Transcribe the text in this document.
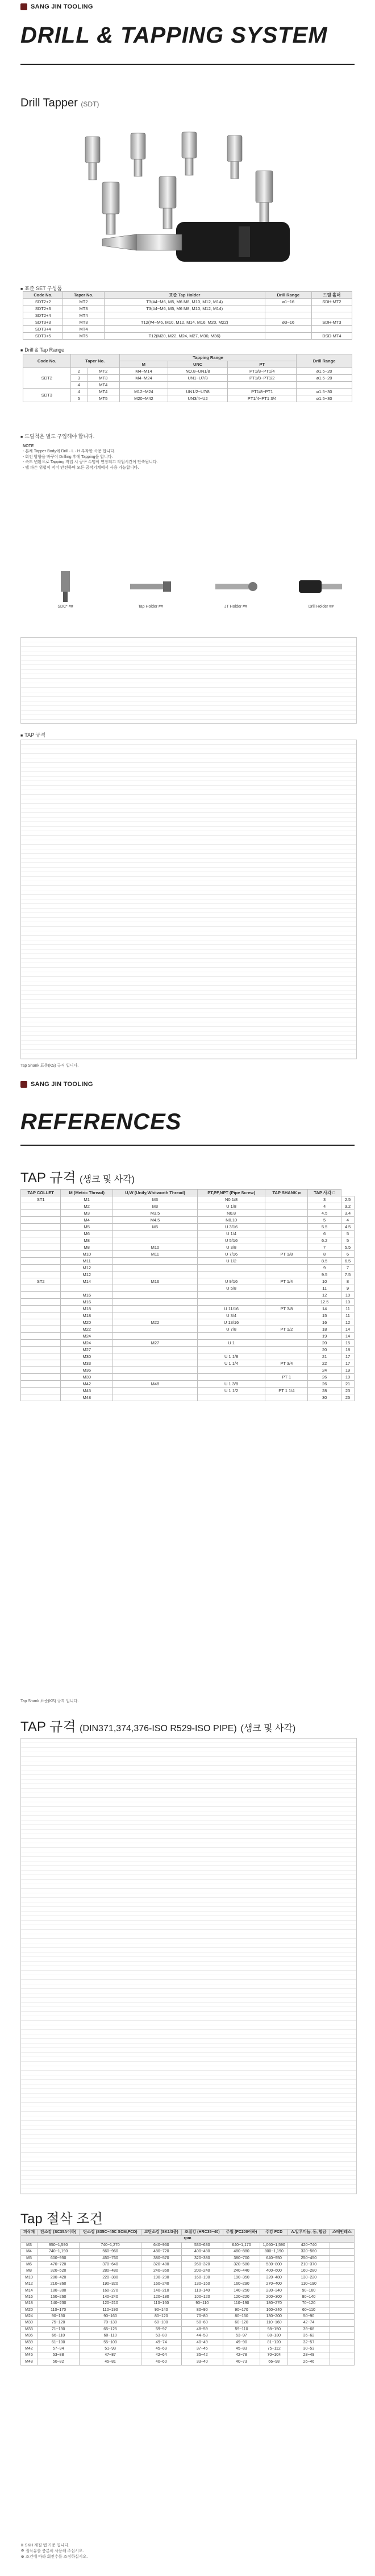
SANG JIN TOOLING
DRILL & TAPPING SYSTEM
Drill Tapper (SDT)
■ 표준 SET 구성품
Code No.	Taper No.	표준 Tap Holder	Drill Range	드릴 홀더
SDT2+2	MT2	T3(#4~M6, M5, M6 M8, M10, M12, M14)	ø1~16	SDH-MT2
SDT2+3	MT3	T3(#4~M6, M5, M6 M8, M10, M12, M14)		
SDT2+4	MT4			
SDT3+3	MT3	T12(#4~M6, M10, M12, M14, M16, M20, M22)	ø3~16	SDH-MT3
SDT3+4	MT4			
SDT3+5	MT5	T12(M20, M22, M24, M27, M30, M36)		DSD-MT4
■ Drill & Tap Range
Code No.	Taper No.		Tapping Range			Drill Range
			M	UNC	PT	
SDT2	2	MT2	M4~M14	NO.8~UN1/8	PT1/8~PT1/4	ø1.5~20
	3	MT3	M4~M24	UN1~U7/8	PT1/8~PT1/2	ø1.5~20
	4	MT4				
SDT3	4	MT4	M12~M24	UN1/2~U7/8	PT1/8~PT1	ø1.5~30
	5	MT5	M20~M42	UN3/4~U2	PT1/4~PT1 3/4	ø1.5~30
■ 드릴척은 별도 구입해야 합니다.
NOTE
- 본체 Tapper Body에 Drill · L · H 부착한 사용 합니다.
- 회전 방향을 바꾸어 Drilling 후에 Tapping을 합니다.
- 속도 변환으로 Tapping 작업 시 공구 수명이 연장되고 작업시간이 단축됩니다.
- 탭 파손 위험이 적어 안전하며 모든 공작기계에서 사용 가능합니다.
SDC* ##	Tap Holder ##	JT Holder ##	Drill Holder ##
■ TAP 규격
Tap Shank 표준(KS) 규격 입니다.
SANG JIN TOOLING
REFERENCES
TAP 규격 (생크 및 사각)
TAP COLLET	M (Metric Thread)	U,W (Unify,Whitworth Thread)	PT,PF,NPT (Pipe Screw)	TAP SHANK ø	TAP 사각 □	
ST1	M1	M3	N0.1/8		3	2.5
	M2	M3	U 1/8		4	3.2
	M3	M3.5	N0.8		4.5	3.4
	M4	M4.5	N0.10		5	4
	M5	M5	U 3/16		5.5	4.5
	M6		U 1/4		6	5
	M8		U 5/16		6.2	5
	M8	M10	U 3/8		7	5.5
	M10	M11	U 7/16	PT 1/8	8	6
	M11		U 1/2		8.5	6.5
	M12				9	7
	M12				9.5	7.5
ST2	M14	M16	U 9/16	PT 1/4	10	8
			U 5/8		11	9
	M16				12	10
	M16				12.5	10
	M18		U 11/16	PT 3/8	14	11
	M18		U 3/4		15	11
	M20	M22	U 13/16		16	12
	M22		U 7/8	PT 1/2	18	14
	M24				19	14
	M24	M27	U 1		20	15
	M27				20	18
	M30		U 1 1/8		21	17
	M33		U 1 1/4	PT 3/4	22	17
	M36				24	19
	M39			PT 1	26	19
	M42	M48	U 1 3/8		26	21
	M45		U 1 1/2	PT 1 1/4	28	23
	M48				30	25
Tap Shank 표준(KS) 규격 입니다.
TAP 규격 (DIN371,374,376-ISO R529-ISO PIPE) (생크 및 사각)
Tap 절삭 조건
피삭재	탄소강 (SC35A이하)	탄소강 (S35C~45C SCM,FCD)	고탄소강 (SK1/3종)	조질강 (HRC35~40)	주철 (FC200이하)	주강 FCD	A.알루미늄, 동, 합금	스테인레스
rpm								
M3	950~1,590	740~1,270	640~960	530~630	640~1,170	1,060~1,590	420~740	
M4	740~1,190	560~960	480~720	400~480	480~880	800~1,190	320~560	
M5	600~950	450~760	380~570	320~380	380~700	640~950	250~450	
M6	470~720	370~640	320~480	260~320	320~580	530~800	210~370	
M8	320~520	280~480	240~360	200~240	240~440	400~600	160~280	
M10	280~420	220~380	190~290	160~190	190~350	320~480	130~220	
M12	210~360	190~320	160~240	130~160	160~290	270~400	110~190	
M14	180~300	160~270	140~210	110~140	140~250	230~340	90~160	
M16	160~260	140~240	120~180	100~120	120~220	200~300	80~140	
M18	140~230	120~210	110~160	90~110	110~190	180~270	70~120	
M20	110~170	110~190	90~140	80~90	90~170	160~240	60~110	
M24	90~150	90~160	80~120	70~80	80~150	130~200	50~90	
M30	75~120	70~130	60~100	50~60	60~120	110~160	42~74	
M33	71~130	65~125	59~97	48~59	59~110	98~150	39~68	
M36	66~110	60~110	53~80	44~53	53~97	88~130	35~62	
M39	61~100	55~100	49~74	40~49	49~90	81~120	32~57	
M42	57~94	51~93	45~69	37~45	45~83	75~112	30~53	
M45	53~88	47~87	42~64	35~42	42~78	70~104	28~49	
M48	50~82	45~81	40~60	33~40	40~73	66~98	26~46	
※ SKH 재질 탭 기준 입니다.
※ 절삭유를 충분히 사용해 주십시오.
※ 조건에 따라 회전수를 조정하십시오.
